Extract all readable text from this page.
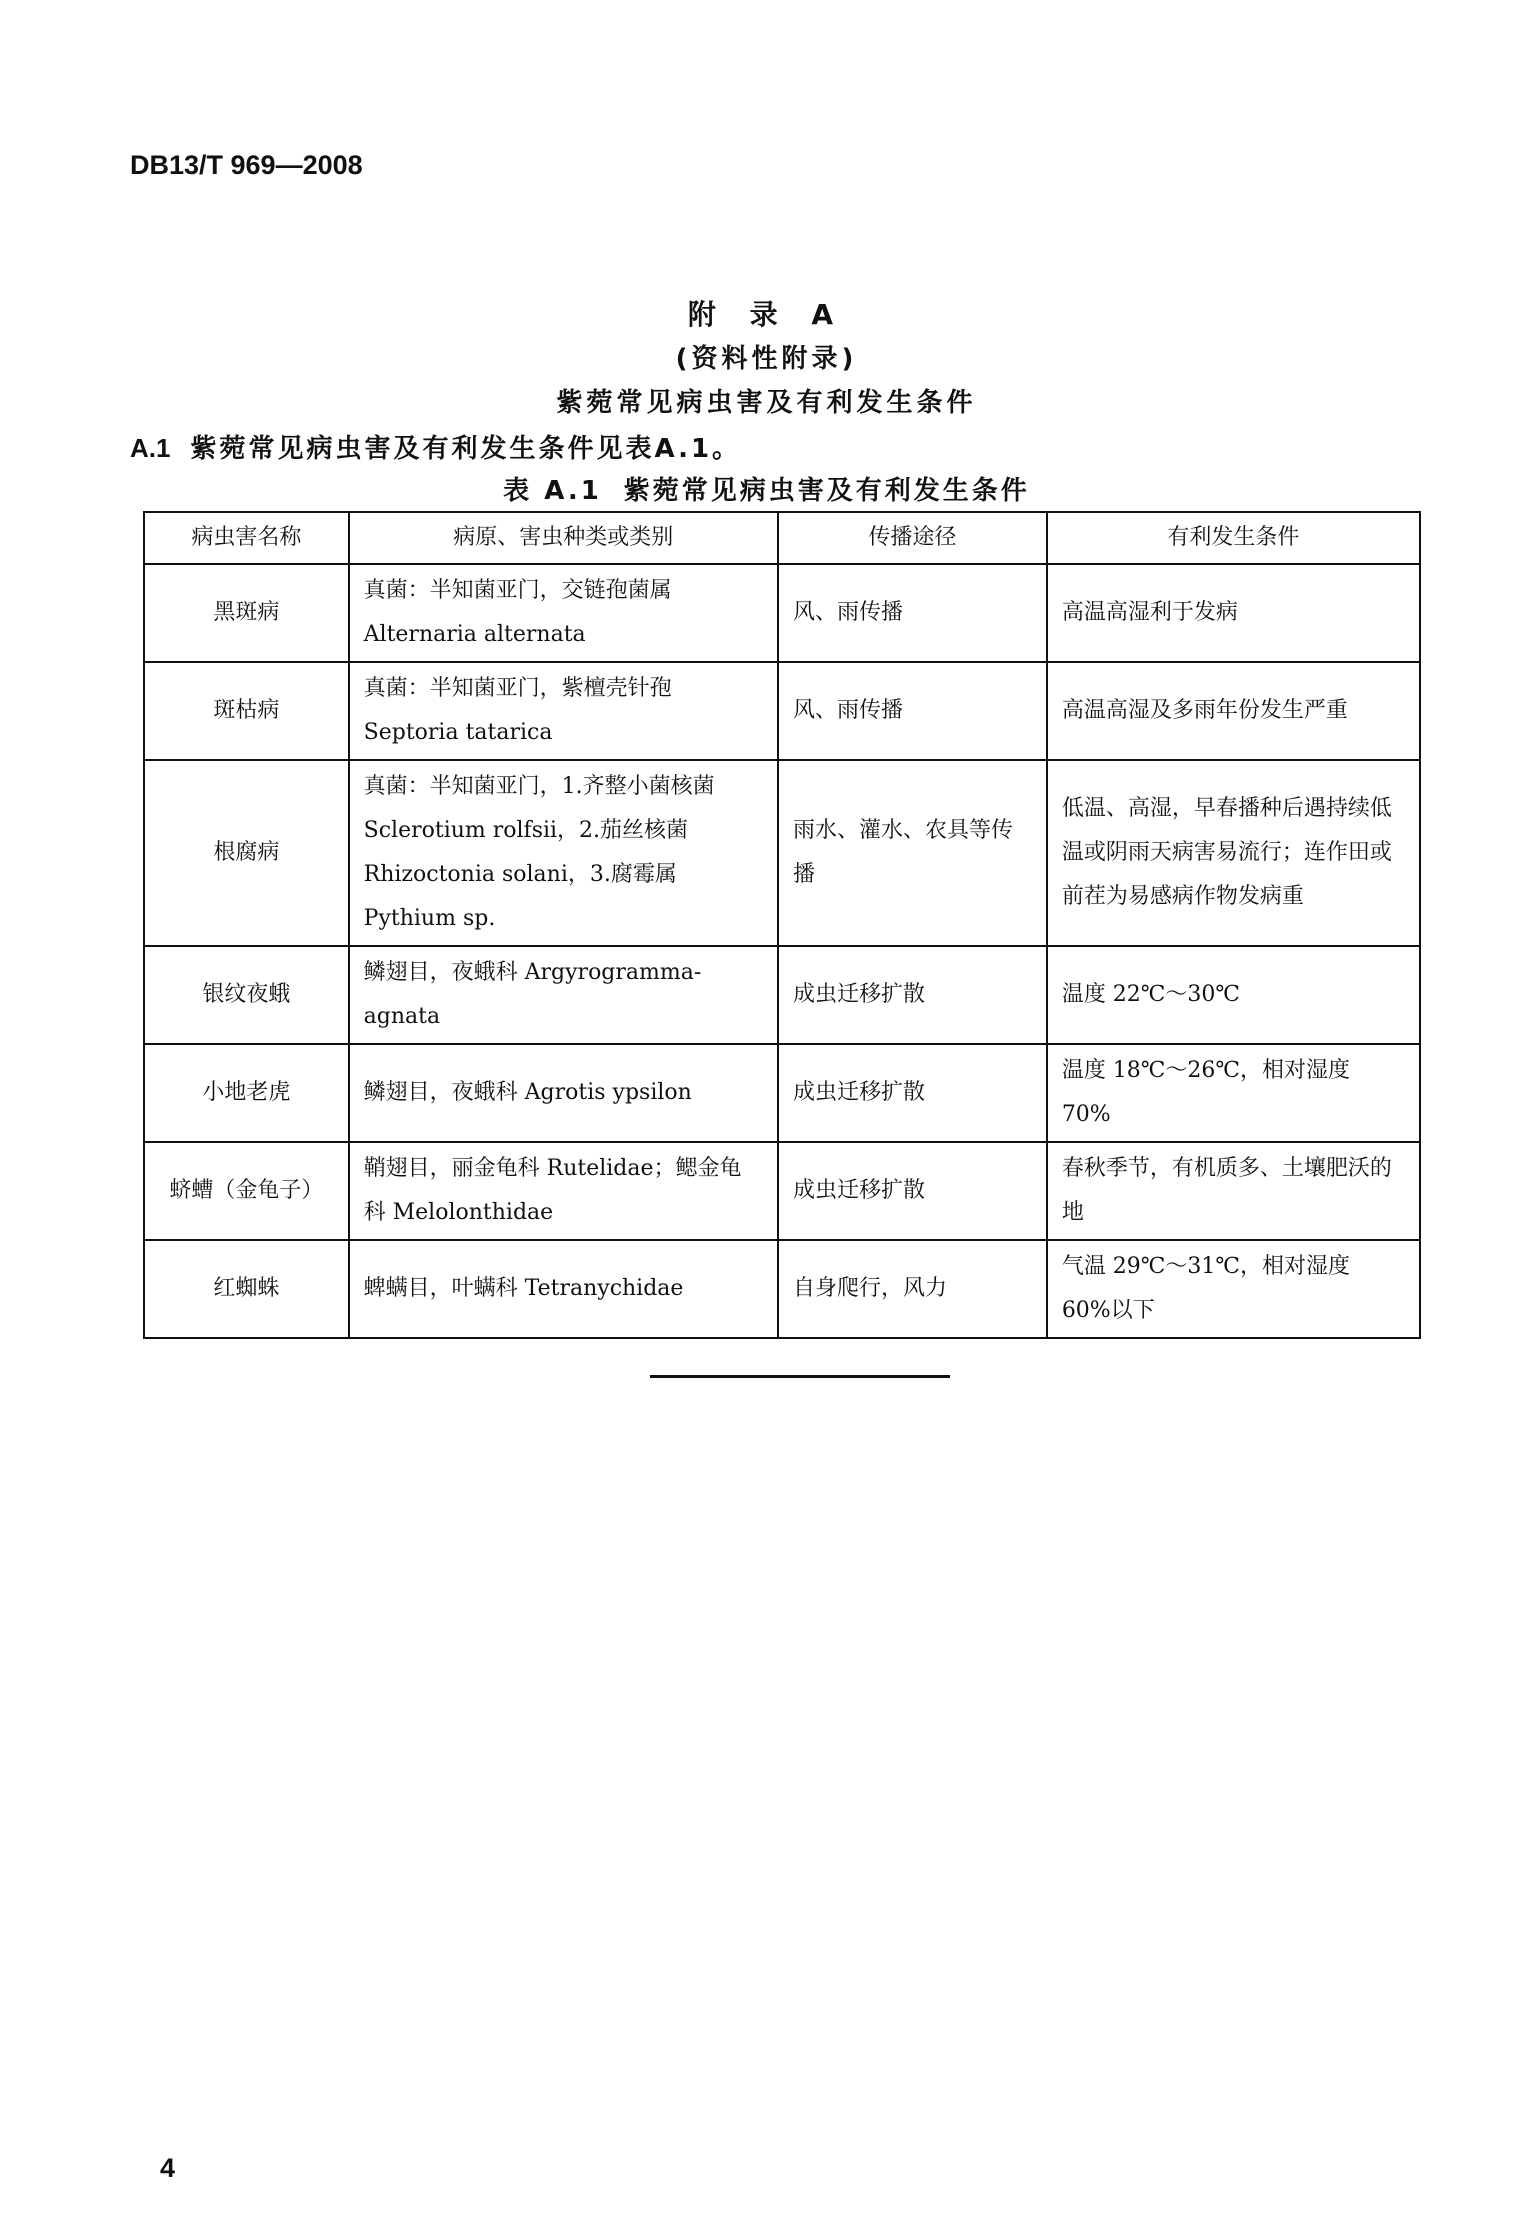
DB13/T 969—2008
附 录 A
(资料性附录)
紫菀常见病虫害及有利发生条件
A.1 紫菀常见病虫害及有利发生条件见表A.1。
表 A.1 紫菀常见病虫害及有利发生条件
病虫害名称	病原、害虫种类或类别	传播途径	有利发生条件
黑斑病	真菌：半知菌亚门，交链孢菌属 Alternaria alternata	风、雨传播	高温高湿利于发病
斑枯病	真菌：半知菌亚门，紫檀壳针孢 Septoria tatarica	风、雨传播	高温高湿及多雨年份发生严重
根腐病	真菌：半知菌亚门，1.齐整小菌核菌 Sclerotium rolfsii，2.茄丝核菌 Rhizoctonia solani，3.腐霉属 Pythium sp.	雨水、灌水、农具等传播	低温、高湿，早春播种后遇持续低温或阴雨天病害易流行；连作田或前茬为易感病作物发病重
银纹夜蛾	鳞翅目，夜蛾科 Argyrogramma-agnata	成虫迁移扩散	温度 22℃～30℃
小地老虎	鳞翅目，夜蛾科 Agrotis ypsilon	成虫迁移扩散	温度 18℃～26℃，相对湿度 70%
蛴螬（金龟子）	鞘翅目，丽金龟科 Rutelidae；鳃金龟科 Melolonthidae	成虫迁移扩散	春秋季节，有机质多、土壤肥沃的地
红蜘蛛	蜱螨目，叶螨科 Tetranychidae	自身爬行，风力	气温 29℃～31℃，相对湿度 60%以下
4
